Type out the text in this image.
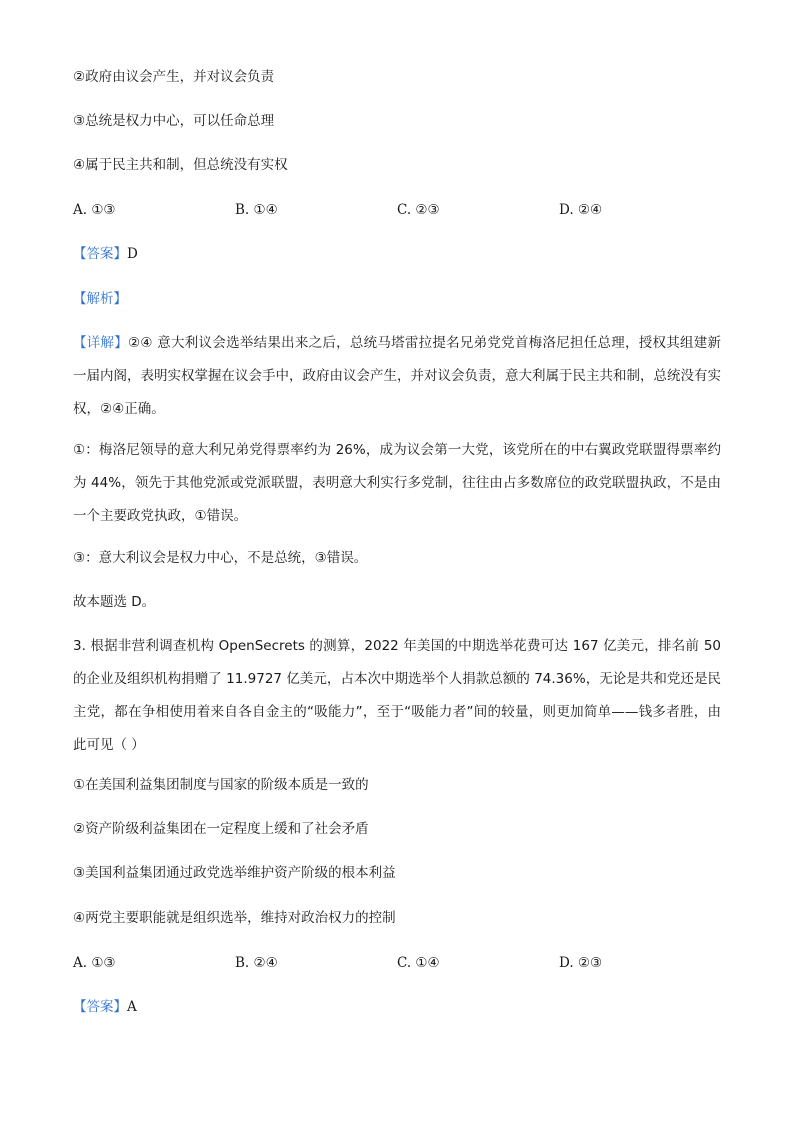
②政府由议会产生，并对议会负责
③总统是权力中心，可以任命总理
④属于民主共和制，但总统没有实权
A. ①③	B. ①④	C. ②③	D. ②④
【答案】D
【解析】
【详解】②④ 意大利议会选举结果出来之后，总统马塔雷拉提名兄弟党党首梅洛尼担任总理，授权其组建新一届内阁，表明实权掌握在议会手中，政府由议会产生，并对议会负责，意大利属于民主共和制，总统没有实权，②④正确。
①：梅洛尼领导的意大利兄弟党得票率约为 26%，成为议会第一大党，该党所在的中右翼政党联盟得票率约为 44%，领先于其他党派或党派联盟，表明意大利实行多党制，往往由占多数席位的政党联盟执政，不是由一个主要政党执政，①错误。
③：意大利议会是权力中心，不是总统，③错误。
故本题选 D。
3. 根据非营利调查机构 OpenSecrets 的测算，2022 年美国的中期选举花费可达 167 亿美元，排名前 50 的企业及组织机构捐赠了 11.9727 亿美元，占本次中期选举个人捐款总额的 74.36%，无论是共和党还是民主党，都在争相使用着来自各自金主的“吸能力”，至于“吸能力者”间的较量，则更加简单——钱多者胜，由此可见（ ）
①在美国利益集团制度与国家的阶级本质是一致的
②资产阶级利益集团在一定程度上缓和了社会矛盾
③美国利益集团通过政党选举维护资产阶级的根本利益
④两党主要职能就是组织选举，维持对政治权力的控制
A. ①③	B. ②④	C. ①④	D. ②③
【答案】A
